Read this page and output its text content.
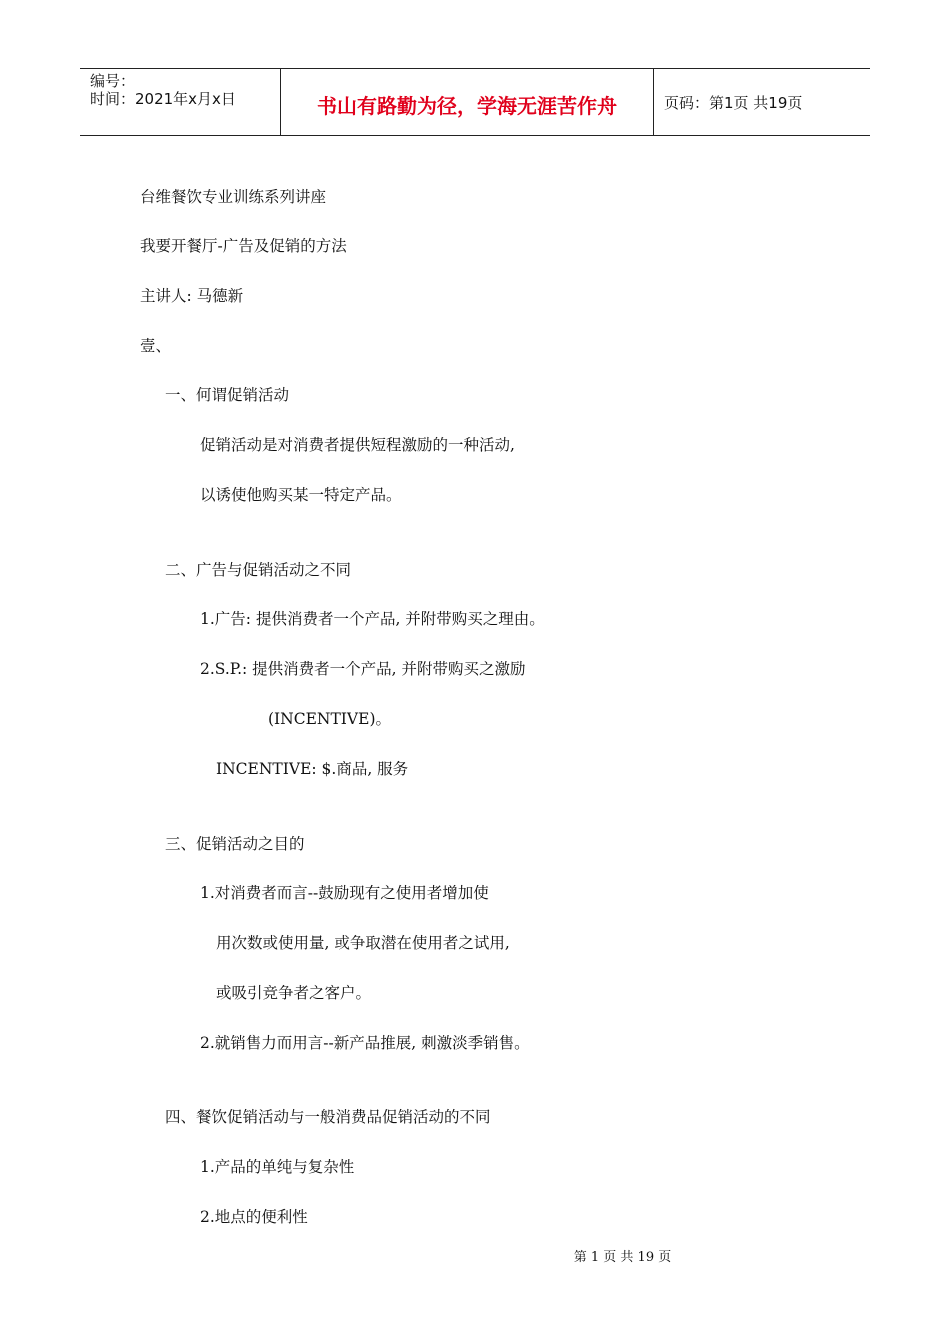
编号：
时间：2021年x月x日	书山有路勤为径，学海无涯苦作舟	页码：第1页 共19页
台维餐饮专业训练系列讲座
我要开餐厅-广告及促销的方法
主讲人: 马德新
壹、
一、何谓促销活动
促销活动是对消费者提供短程激励的一种活动,
以诱使他购买某一特定产品。
二、广告与促销活动之不同
1.广告: 提供消费者一个产品, 并附带购买之理由。
2.S.P.: 提供消费者一个产品, 并附带购买之激励
(INCENTIVE)。
INCENTIVE: $.商品, 服务
三、促销活动之目的
1.对消费者而言--鼓励现有之使用者增加使
用次数或使用量, 或争取潜在使用者之试用,
或吸引竞争者之客户。
2.就销售力而用言--新产品推展, 刺激淡季销售。
四、餐饮促销活动与一般消费品促销活动的不同
1.产品的单纯与复杂性
2.地点的便利性
第 1 页 共 19 页
